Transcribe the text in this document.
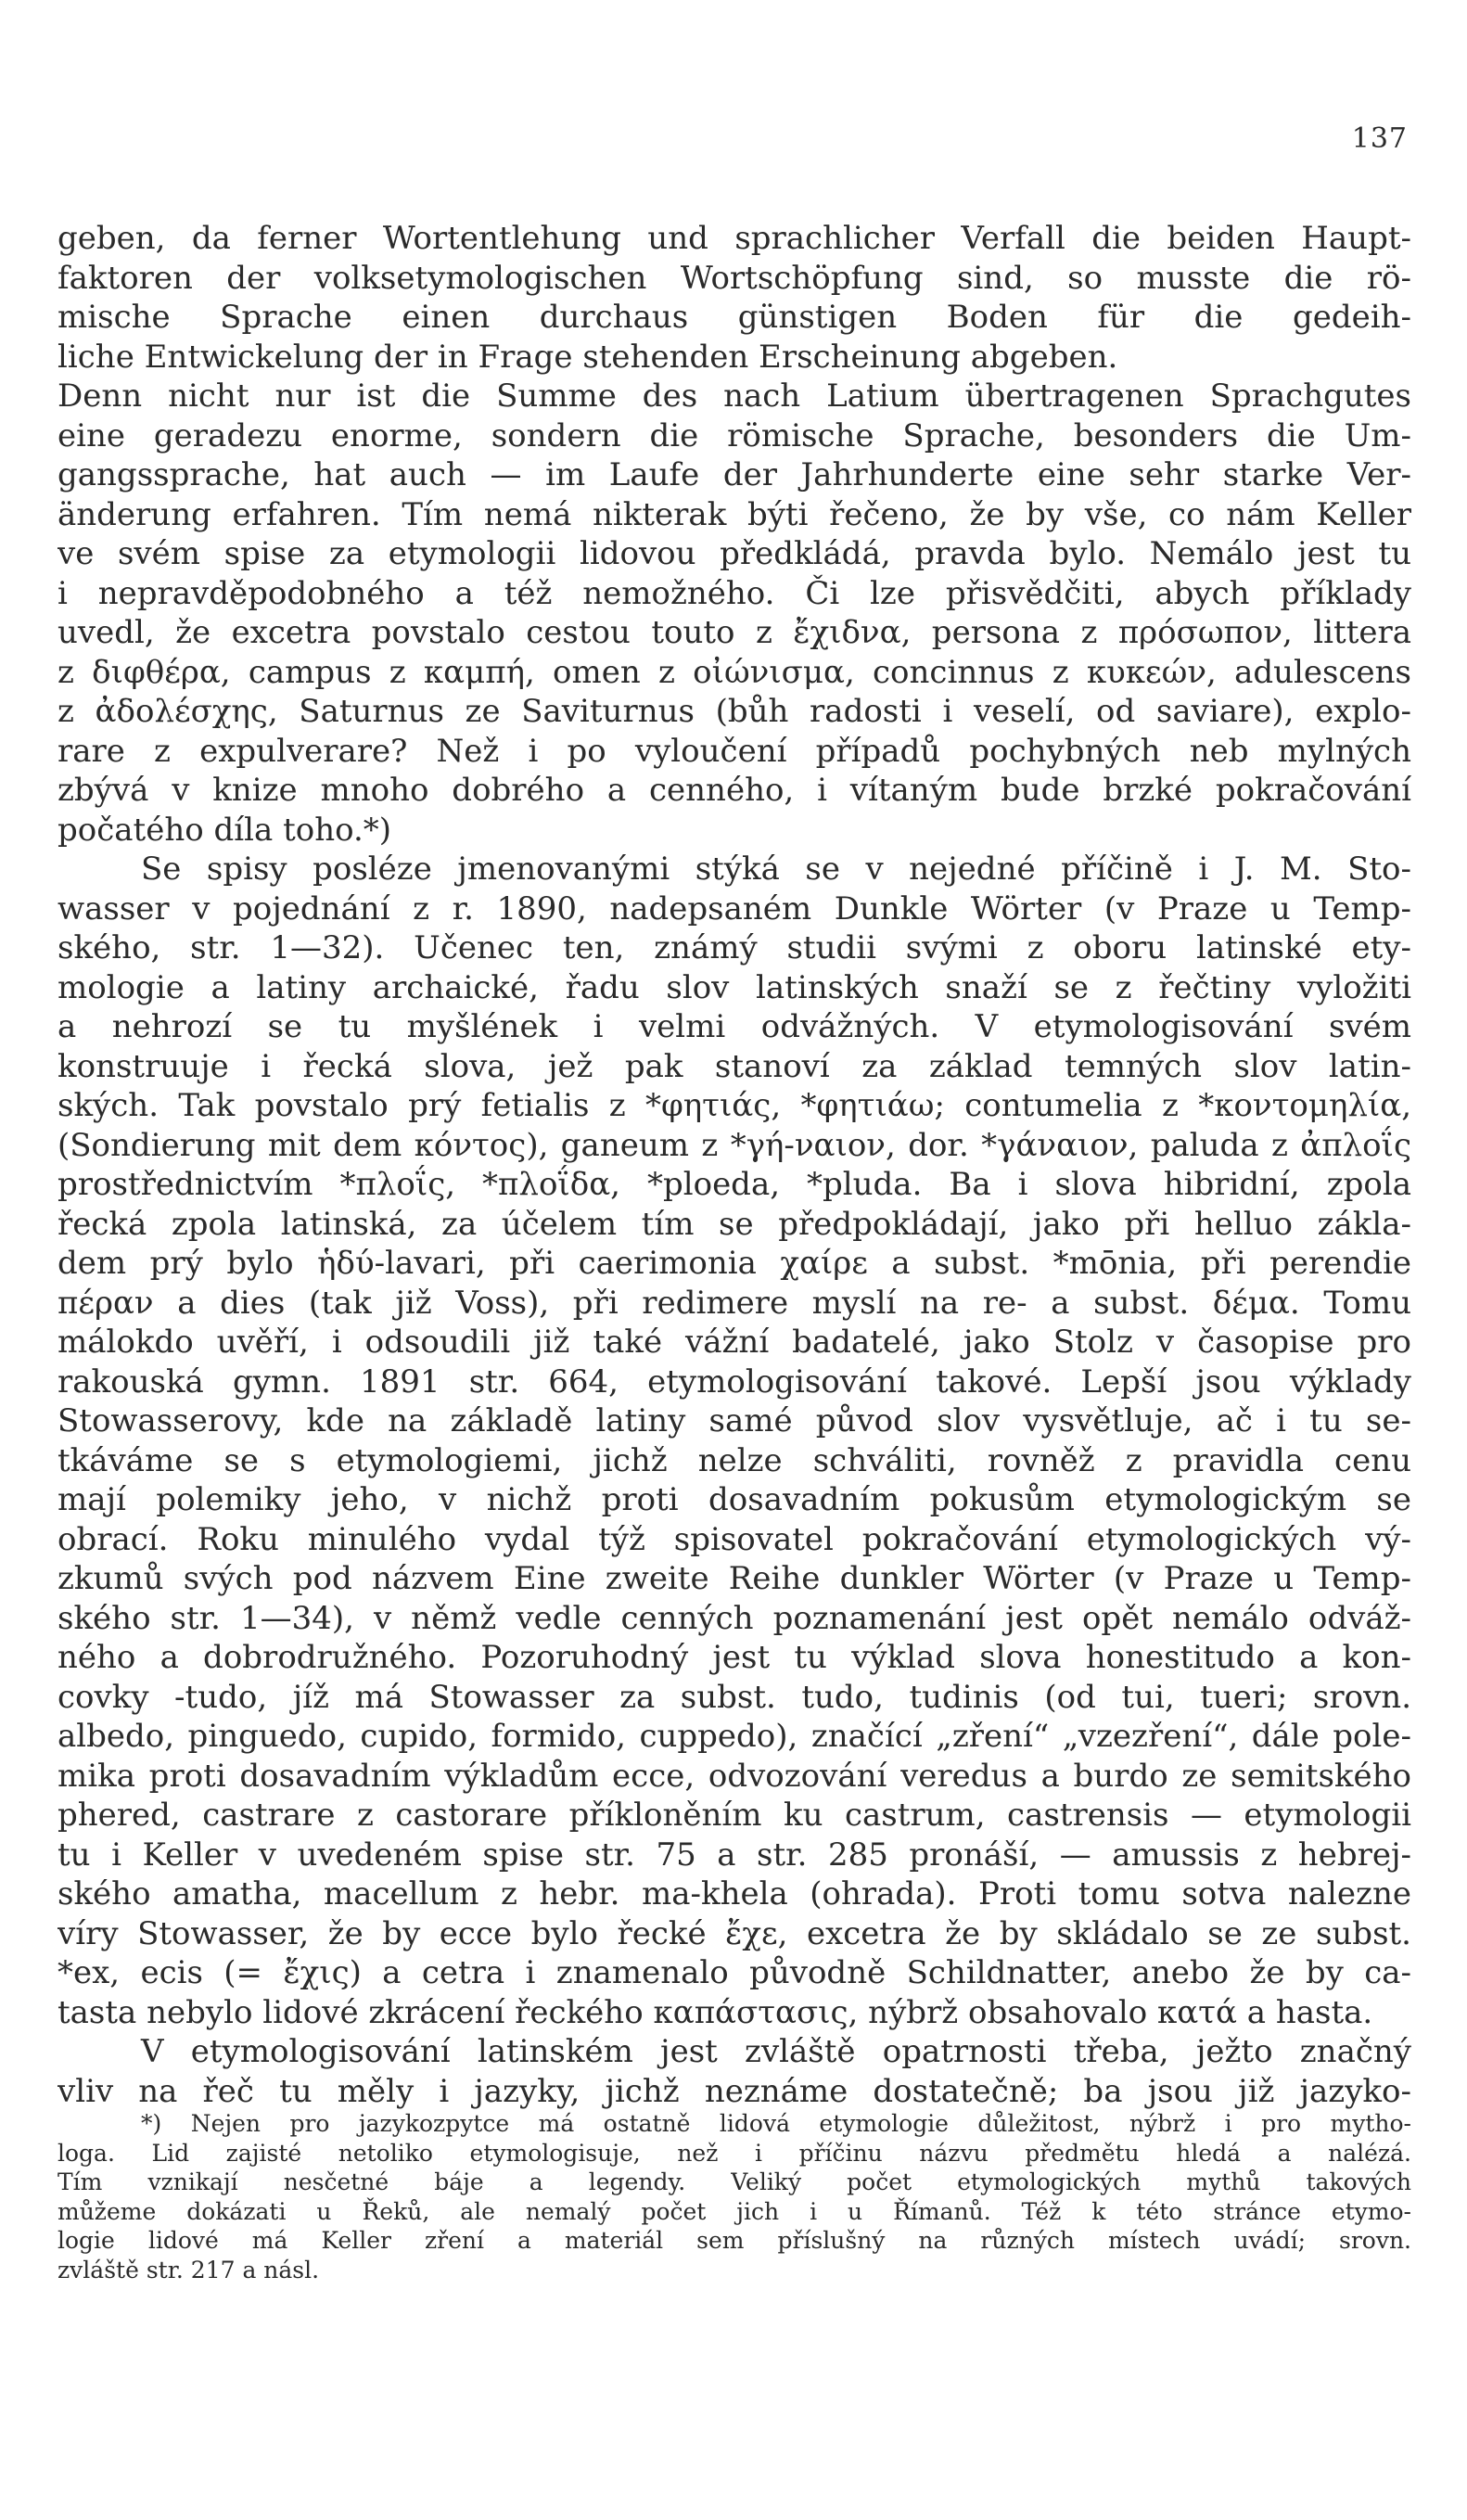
137
geben, da ferner Wortentlehung und sprachlicher Verfall die beiden Haupt-
faktoren der volksetymologischen Wortschöpfung sind, so musste die rö-
mische Sprache einen durchaus günstigen Boden für die gedeih-
liche Entwickelung der in Frage stehenden Erscheinung abgeben.
Denn nicht nur ist die Summe des nach Latium übertragenen Sprachgutes
eine geradezu enorme, sondern die römische Sprache, besonders die Um-
gangssprache, hat auch — im Laufe der Jahrhunderte eine sehr starke Ver-
änderung erfahren. Tím nemá nikterak býti řečeno, že by vše, co nám Keller
ve svém spise za etymologii lidovou předkládá, pravda bylo. Nemálo jest tu
i nepravděpodobného a též nemožného. Či lze přisvědčiti, abych příklady
uvedl, že excetra povstalo cestou touto z ἔχιδνα, persona z πρόσωπον, littera
z διφθέρα, campus z καμπή, omen z οἰώνισμα, concinnus z κυκεών, adulescens
z ἀδολέσχης, Saturnus ze Saviturnus (bůh radosti i veselí, od saviare), explo-
rare z expulverare? Než i po vyloučení případů pochybných neb mylných
zbývá v knize mnoho dobrého a cenného, i vítaným bude brzké pokračování
počatého díla toho.*)
Se spisy posléze jmenovanými stýká se v nejedné příčině i J. M. Sto-
wasser v pojednání z r. 1890, nadepsaném Dunkle Wörter (v Praze u Temp-
ského, str. 1—32). Učenec ten, známý studii svými z oboru latinské ety-
mologie a latiny archaické, řadu slov latinských snaží se z řečtiny vyložiti
a nehrozí se tu myšlének i velmi odvážných. V etymologisování svém
konstruuje i řecká slova, jež pak stanoví za základ temných slov latin-
ských. Tak povstalo prý fetialis z *φητιάς, *φητιάω; contumelia z *κοντομηλία,
(Sondierung mit dem κόντος), ganeum z *γή-ναιον, dor. *γάναιον, paluda z ἀπλοΐς
prostřednictvím *πλοΐς, *πλοΐδα, *ploeda, *pluda. Ba i slova hibridní, zpola
řecká zpola latinská, za účelem tím se předpokládají, jako při helluo zákla-
dem prý bylo ἡδύ-lavari, při caerimonia χαίρε a subst. *mōnia, při perendie
πέραν a dies (tak již Voss), při redimere myslí na re- a subst. δέμα. Tomu
málokdo uvěří, i odsoudili již také vážní badatelé, jako Stolz v časopise pro
rakouská gymn. 1891 str. 664, etymologisování takové. Lepší jsou výklady
Stowasserovy, kde na základě latiny samé původ slov vysvětluje, ač i tu se-
tkáváme se s etymologiemi, jichž nelze schváliti, rovněž z pravidla cenu
mají polemiky jeho, v nichž proti dosavadním pokusům etymologickým se
obrací. Roku minulého vydal týž spisovatel pokračování etymologických vý-
zkumů svých pod názvem Eine zweite Reihe dunkler Wörter (v Praze u Temp-
ského str. 1—34), v němž vedle cenných poznamenání jest opět nemálo odváž-
ného a dobrodružného. Pozoruhodný jest tu výklad slova honestitudo a kon-
covky -tudo, jíž má Stowasser za subst. tudo, tudinis (od tui, tueri; srovn.
albedo, pinguedo, cupido, formido, cuppedo), značící „zření“ „vzezření“, dále pole-
mika proti dosavadním výkladům ecce, odvozování veredus a burdo ze semitského
phered, castrare z castorare příkloněním ku castrum, castrensis — etymologii
tu i Keller v uvedeném spise str. 75 a str. 285 pronáší, — amussis z hebrej-
ského amatha, macellum z hebr. ma-khela (ohrada). Proti tomu sotva nalezne
víry Stowasser, že by ecce bylo řecké ἔχε, excetra že by skládalo se ze subst.
*ex, ecis (= ἔχις) a cetra i znamenalo původně Schildnatter, anebo že by ca-
tasta nebylo lidové zkrácení řeckého καπάστασις, nýbrž obsahovalo κατά a hasta.
V etymologisování latinském jest zvláště opatrnosti třeba, ježto značný
vliv na řeč tu měly i jazyky, jichž neznáme dostatečně; ba jsou již jazyko-
*) Nejen pro jazykozpytce má ostatně lidová etymologie důležitost, nýbrž i pro mytho-
loga. Lid zajisté netoliko etymologisuje, než i příčinu názvu předmětu hledá a nalézá.
Tím vznikají nesčetné báje a legendy. Veliký počet etymologických mythů takových
můžeme dokázati u Řeků, ale nemalý počet jich i u Římanů. Též k této stránce etymo-
logie lidové má Keller zření a materiál sem příslušný na různých místech uvádí; srovn.
zvláště str. 217 a násl.
